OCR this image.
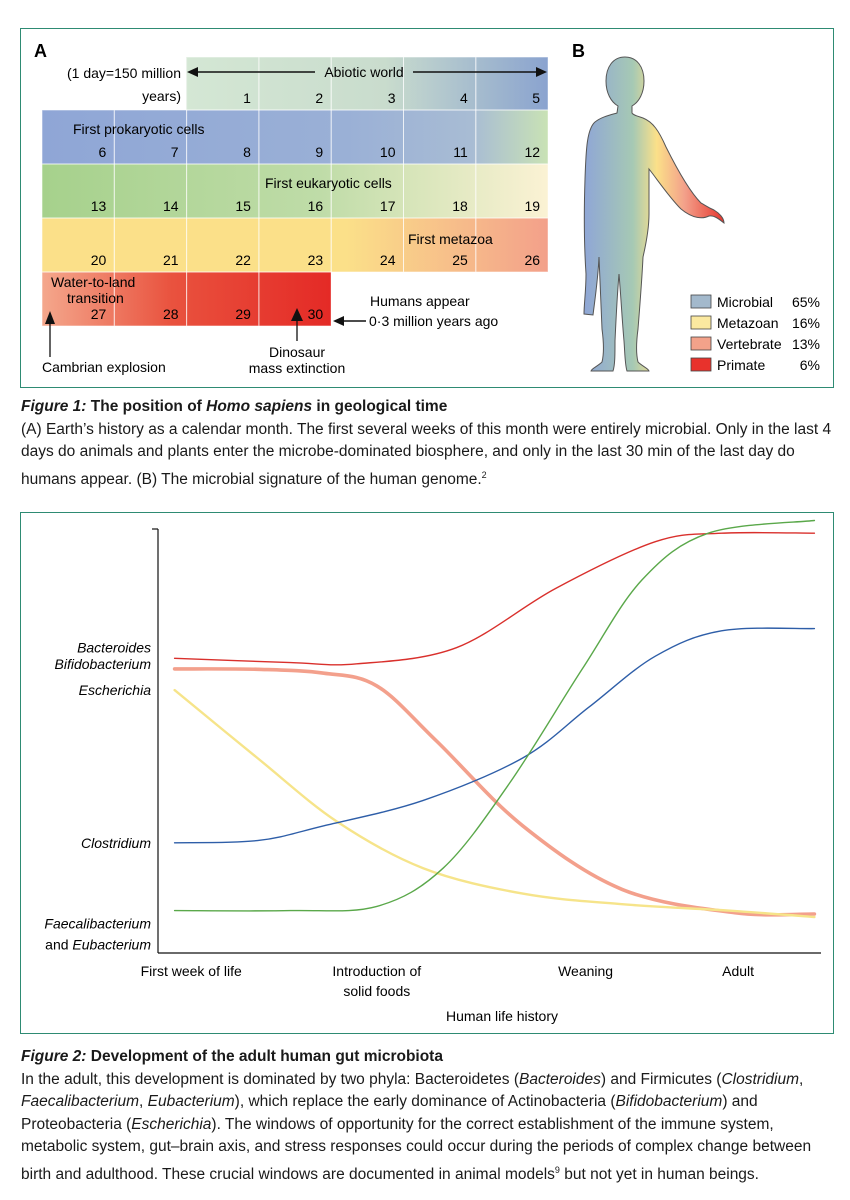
A	B
(1 day=150 million
years)	1	2	3	4	5
6	7	8	9	10	11	12
13	14	15	16	17	18	19
20	21	22	23	24	25	26
27	28	29	30
Abiotic world
First prokaryotic cells
First eukaryotic cells
First metazoa
Water-to-land
transition	Humans appear
0·3 million years ago
Cambrian explosion
Dinosaur
mass extinction
Microbial 65%
Metazoan 16%
Vertebrate 13%
Primate 6%
Figure 1: The position of Homo sapiens in geological time
(A) Earth’s history as a calendar month. The first several weeks of this month were entirely microbial. Only in the last 4 days do animals and plants enter the microbe-dominated biosphere, and only in the last 30 min of the last day do humans appear. (B) The microbial signature of the human genome.$^2$
First week of life	Introduction of
solid foods
Weaning	Adult
Bacteroides
Bifidobacterium
Escherichia
Clostridium
Faecalibacterium
and Eubacterium
Human life history
Figure 2: Development of the adult human gut microbiota
In the adult, this development is dominated by two phyla: Bacteroidetes (Bacteroides) and Firmicutes (Clostridium, Faecalibacterium, Eubacterium), which replace the early dominance of Actinobacteria (Bifidobacterium) and Proteobacteria (Escherichia). The windows of opportunity for the correct establishment of the immune system, metabolic system, gut–brain axis, and stress responses could occur during the periods of complex change between birth and adulthood. These crucial windows are documented in animal models$^9$ but not yet in human beings.
